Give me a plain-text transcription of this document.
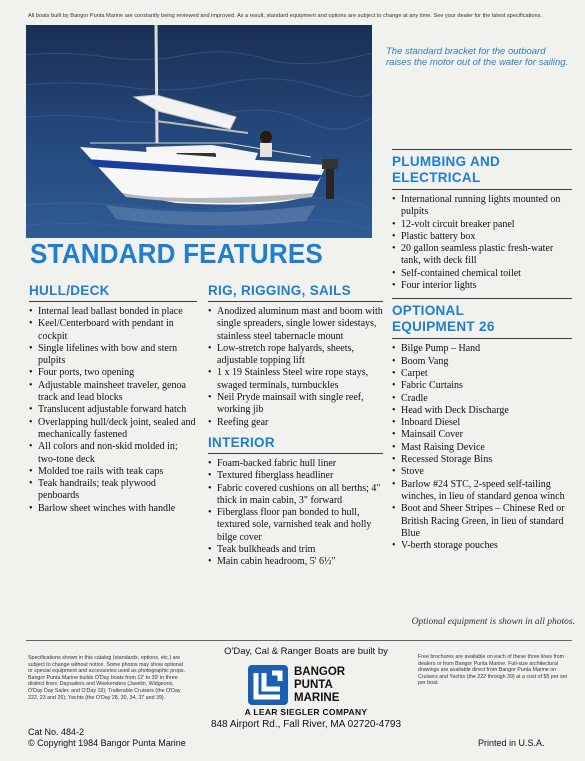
All boats built by Bangor Punta Marine are constantly being reviewed and improved. As a result, standard equipment and options are subject to change at any time. See your dealer for the latest specifications.
The standard bracket for the outboard raises the motor out of the water for sailing.
STANDARD FEATURES
HULL/DECK
• Internal lead ballast bonded in place
• Keel/Centerboard with pendant in cockpit
• Single lifelines with bow and stern pulpits
• Four ports, two opening
• Adjustable mainsheet traveler, genoa track and lead blocks
• Translucent adjustable forward hatch
• Overlapping hull/deck joint, sealed and mechanically fastened
• All colors and non-skid molded in; two-tone deck
• Molded toe rails with teak caps
• Teak handrails; teak plywood penboards
• Barlow sheet winches with handle
RIG, RIGGING, SAILS
• Anodized aluminum mast and boom with single spreaders, single lower sidestays, stainless steel tabernacle mount
• Low-stretch rope halyards, sheets, adjustable topping lift
• 1 x 19 Stainless Steel wire rope stays, swaged terminals, turnbuckles
• Neil Pryde mainsail with single reef, working jib
• Reefing gear
INTERIOR
• Foam-backed fabric hull liner
• Textured fiberglass headliner
• Fabric covered cushions on all berths; 4" thick in main cabin, 3" forward
• Fiberglass floor pan bonded to hull, textured sole, varnished teak and holly bilge cover
• Teak bulkheads and trim
• Main cabin headroom, 5' 6½"
PLUMBING AND
ELECTRICAL
• International running lights mounted on pulpits
• 12-volt circuit breaker panel
• Plastic battery box
• 20 gallon seamless plastic fresh-water tank, with deck fill
• Self-contained chemical toilet
• Four interior lights
OPTIONAL
EQUIPMENT 26
• Bilge Pump – Hand
• Boom Vang
• Carpet
• Fabric Curtains
• Cradle
• Head with Deck Discharge
• Inboard Diesel
• Mainsail Cover
• Mast Raising Device
• Recessed Storage Bins
• Stove
• Barlow #24 STC, 2-speed self-tailing winches, in lieu of standard genoa winch
• Boot and Sheer Stripes – Chinese Red or British Racing Green, in lieu of standard Blue
• V-berth storage pouches
Optional equipment is shown in all photos.
Specifications shown in this catalog (standards, options, etc.) are subject to change without notice. Some photos may show optional or special equipment and accessories used as photographic props. Bangor Punta Marine builds O'Day boats from 12' to 39' in three distinct lines: Daysailers and Weekenders (Javelin, Widgeons, O'Day Day Sailer, and O'Day 19); Trailerable Cruisers (the O'Day 222, 23 and 26); Yachts (the O'Day 28, 30, 34, 37 and 39).
O'Day, Cal & Ranger Boats are built by
BANGOR
PUNTA
MARINE
A LEAR SIEGLER COMPANY
848 Airport Rd., Fall River, MA 02720-4793
Free brochures are available on each of these three lines from dealers or from Bangor Punta Marine. Full-size architectural drawings are available direct from Bangor Punta Marine on Cruisers and Yachts (the 222 through 39) at a cost of $5 per set per boat.
Cat No. 484-2
© Copyright 1984 Bangor Punta Marine	Printed in U.S.A.
